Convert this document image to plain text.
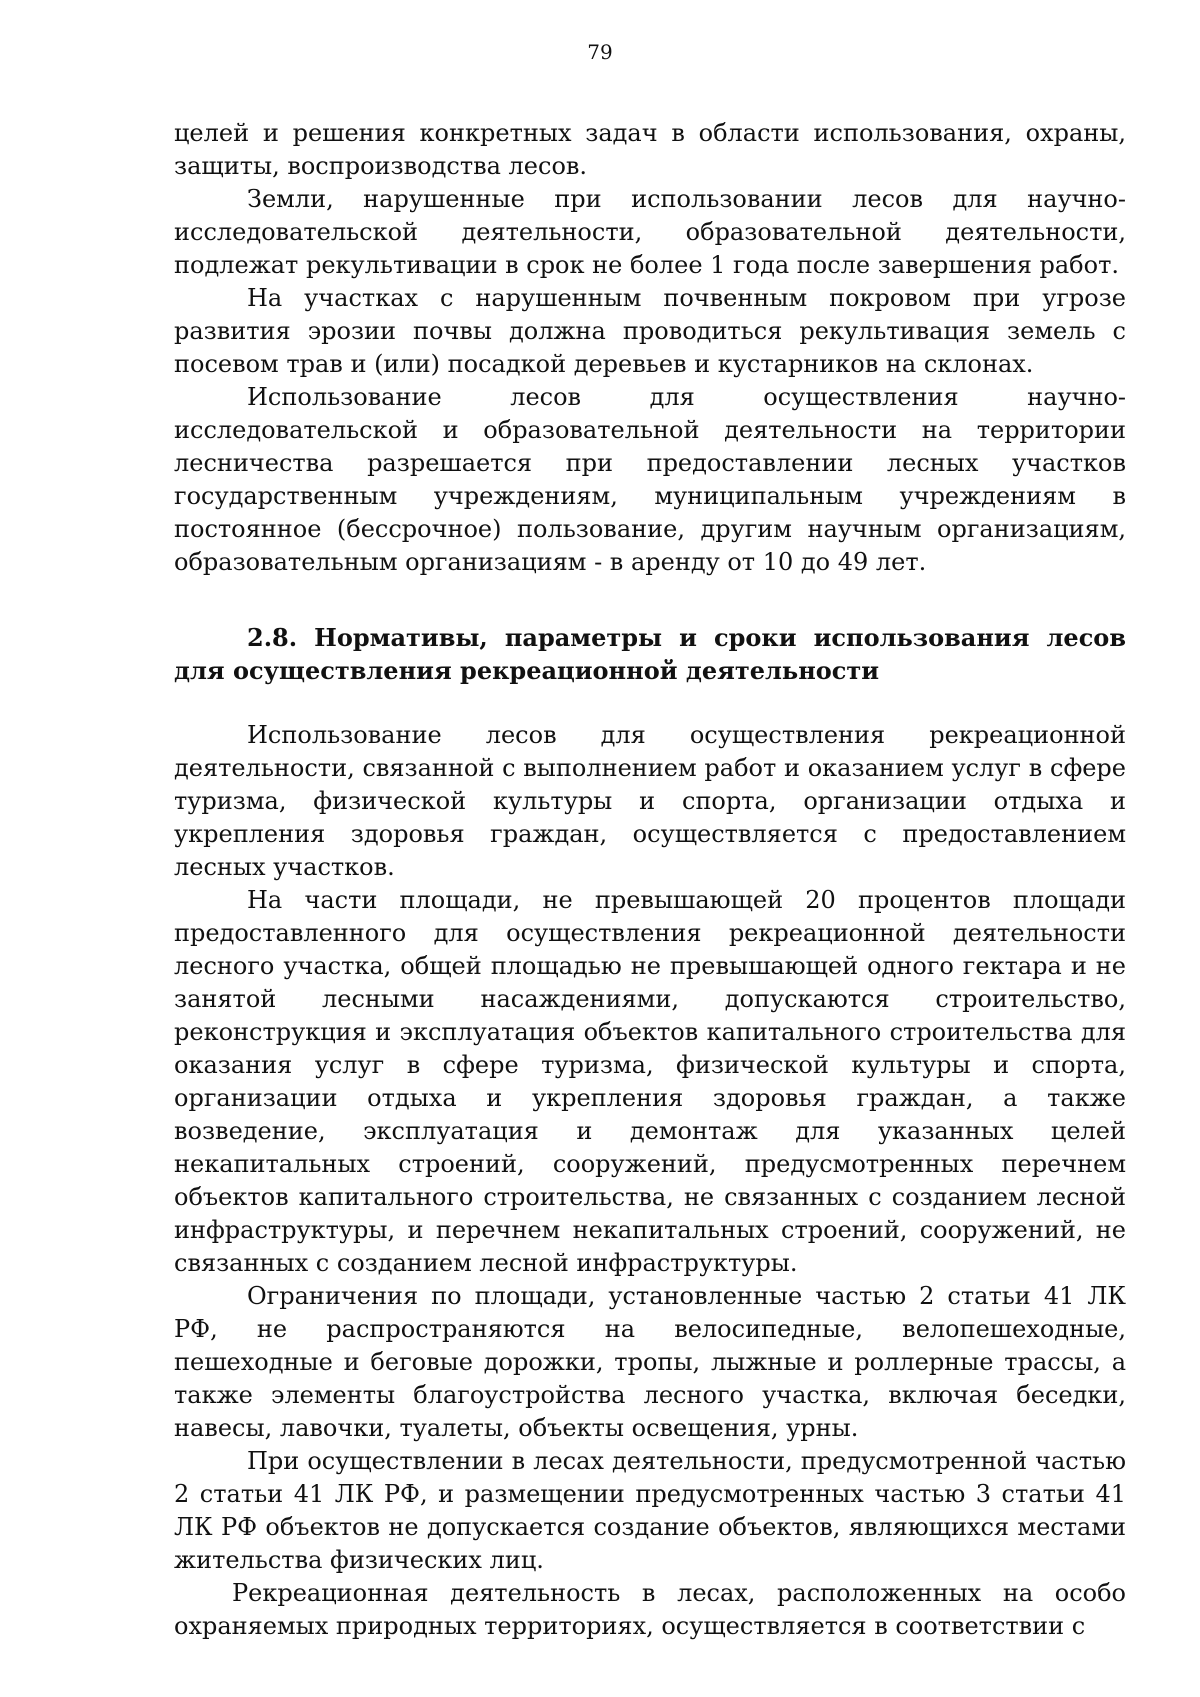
79

целей и решения конкретных задач в области использования, охраны, защиты, воспроизводства лесов.

Земли, нарушенные при использовании лесов для научно-исследовательской деятельности, образовательной деятельности, подлежат рекультивации в срок не более 1 года после завершения работ.

На участках с нарушенным почвенным покровом при угрозе развития эрозии почвы должна проводиться рекультивация земель с посевом трав и (или) посадкой деревьев и кустарников на склонах.

Использование лесов для осуществления научно-исследовательской и образовательной деятельности на территории лесничества разрешается при предоставлении лесных участков государственным учреждениям, муниципальным учреждениям в постоянное (бессрочное) пользование, другим научным организациям, образовательным организациям - в аренду от 10 до 49 лет.

2.8. Нормативы, параметры и сроки использования лесов для осуществления рекреационной деятельности

Использование лесов для осуществления рекреационной деятельности, связанной с выполнением работ и оказанием услуг в сфере туризма, физической культуры и спорта, организации отдыха и укрепления здоровья граждан, осуществляется с предоставлением лесных участков.

На части площади, не превышающей 20 процентов площади предоставленного для осуществления рекреационной деятельности лесного участка, общей площадью не превышающей одного гектара и не занятой лесными насаждениями, допускаются строительство, реконструкция и эксплуатация объектов капитального строительства для оказания услуг в сфере туризма, физической культуры и спорта, организации отдыха и укрепления здоровья граждан, а также возведение, эксплуатация и демонтаж для указанных целей некапитальных строений, сооружений, предусмотренных перечнем объектов капитального строительства, не связанных с созданием лесной инфраструктуры, и перечнем некапитальных строений, сооружений, не связанных с созданием лесной инфраструктуры.

Ограничения по площади, установленные частью 2 статьи 41 ЛК РФ, не распространяются на велосипедные, велопешеходные, пешеходные и беговые дорожки, тропы, лыжные и роллерные трассы, а также элементы благоустройства лесного участка, включая беседки, навесы, лавочки, туалеты, объекты освещения, урны.

При осуществлении в лесах деятельности, предусмотренной частью 2 статьи 41 ЛК РФ, и размещении предусмотренных частью 3 статьи 41 ЛК РФ объектов не допускается создание объектов, являющихся местами жительства физических лиц.

Рекреационная деятельность в лесах, расположенных на особо охраняемых природных территориях, осуществляется в соответствии с
